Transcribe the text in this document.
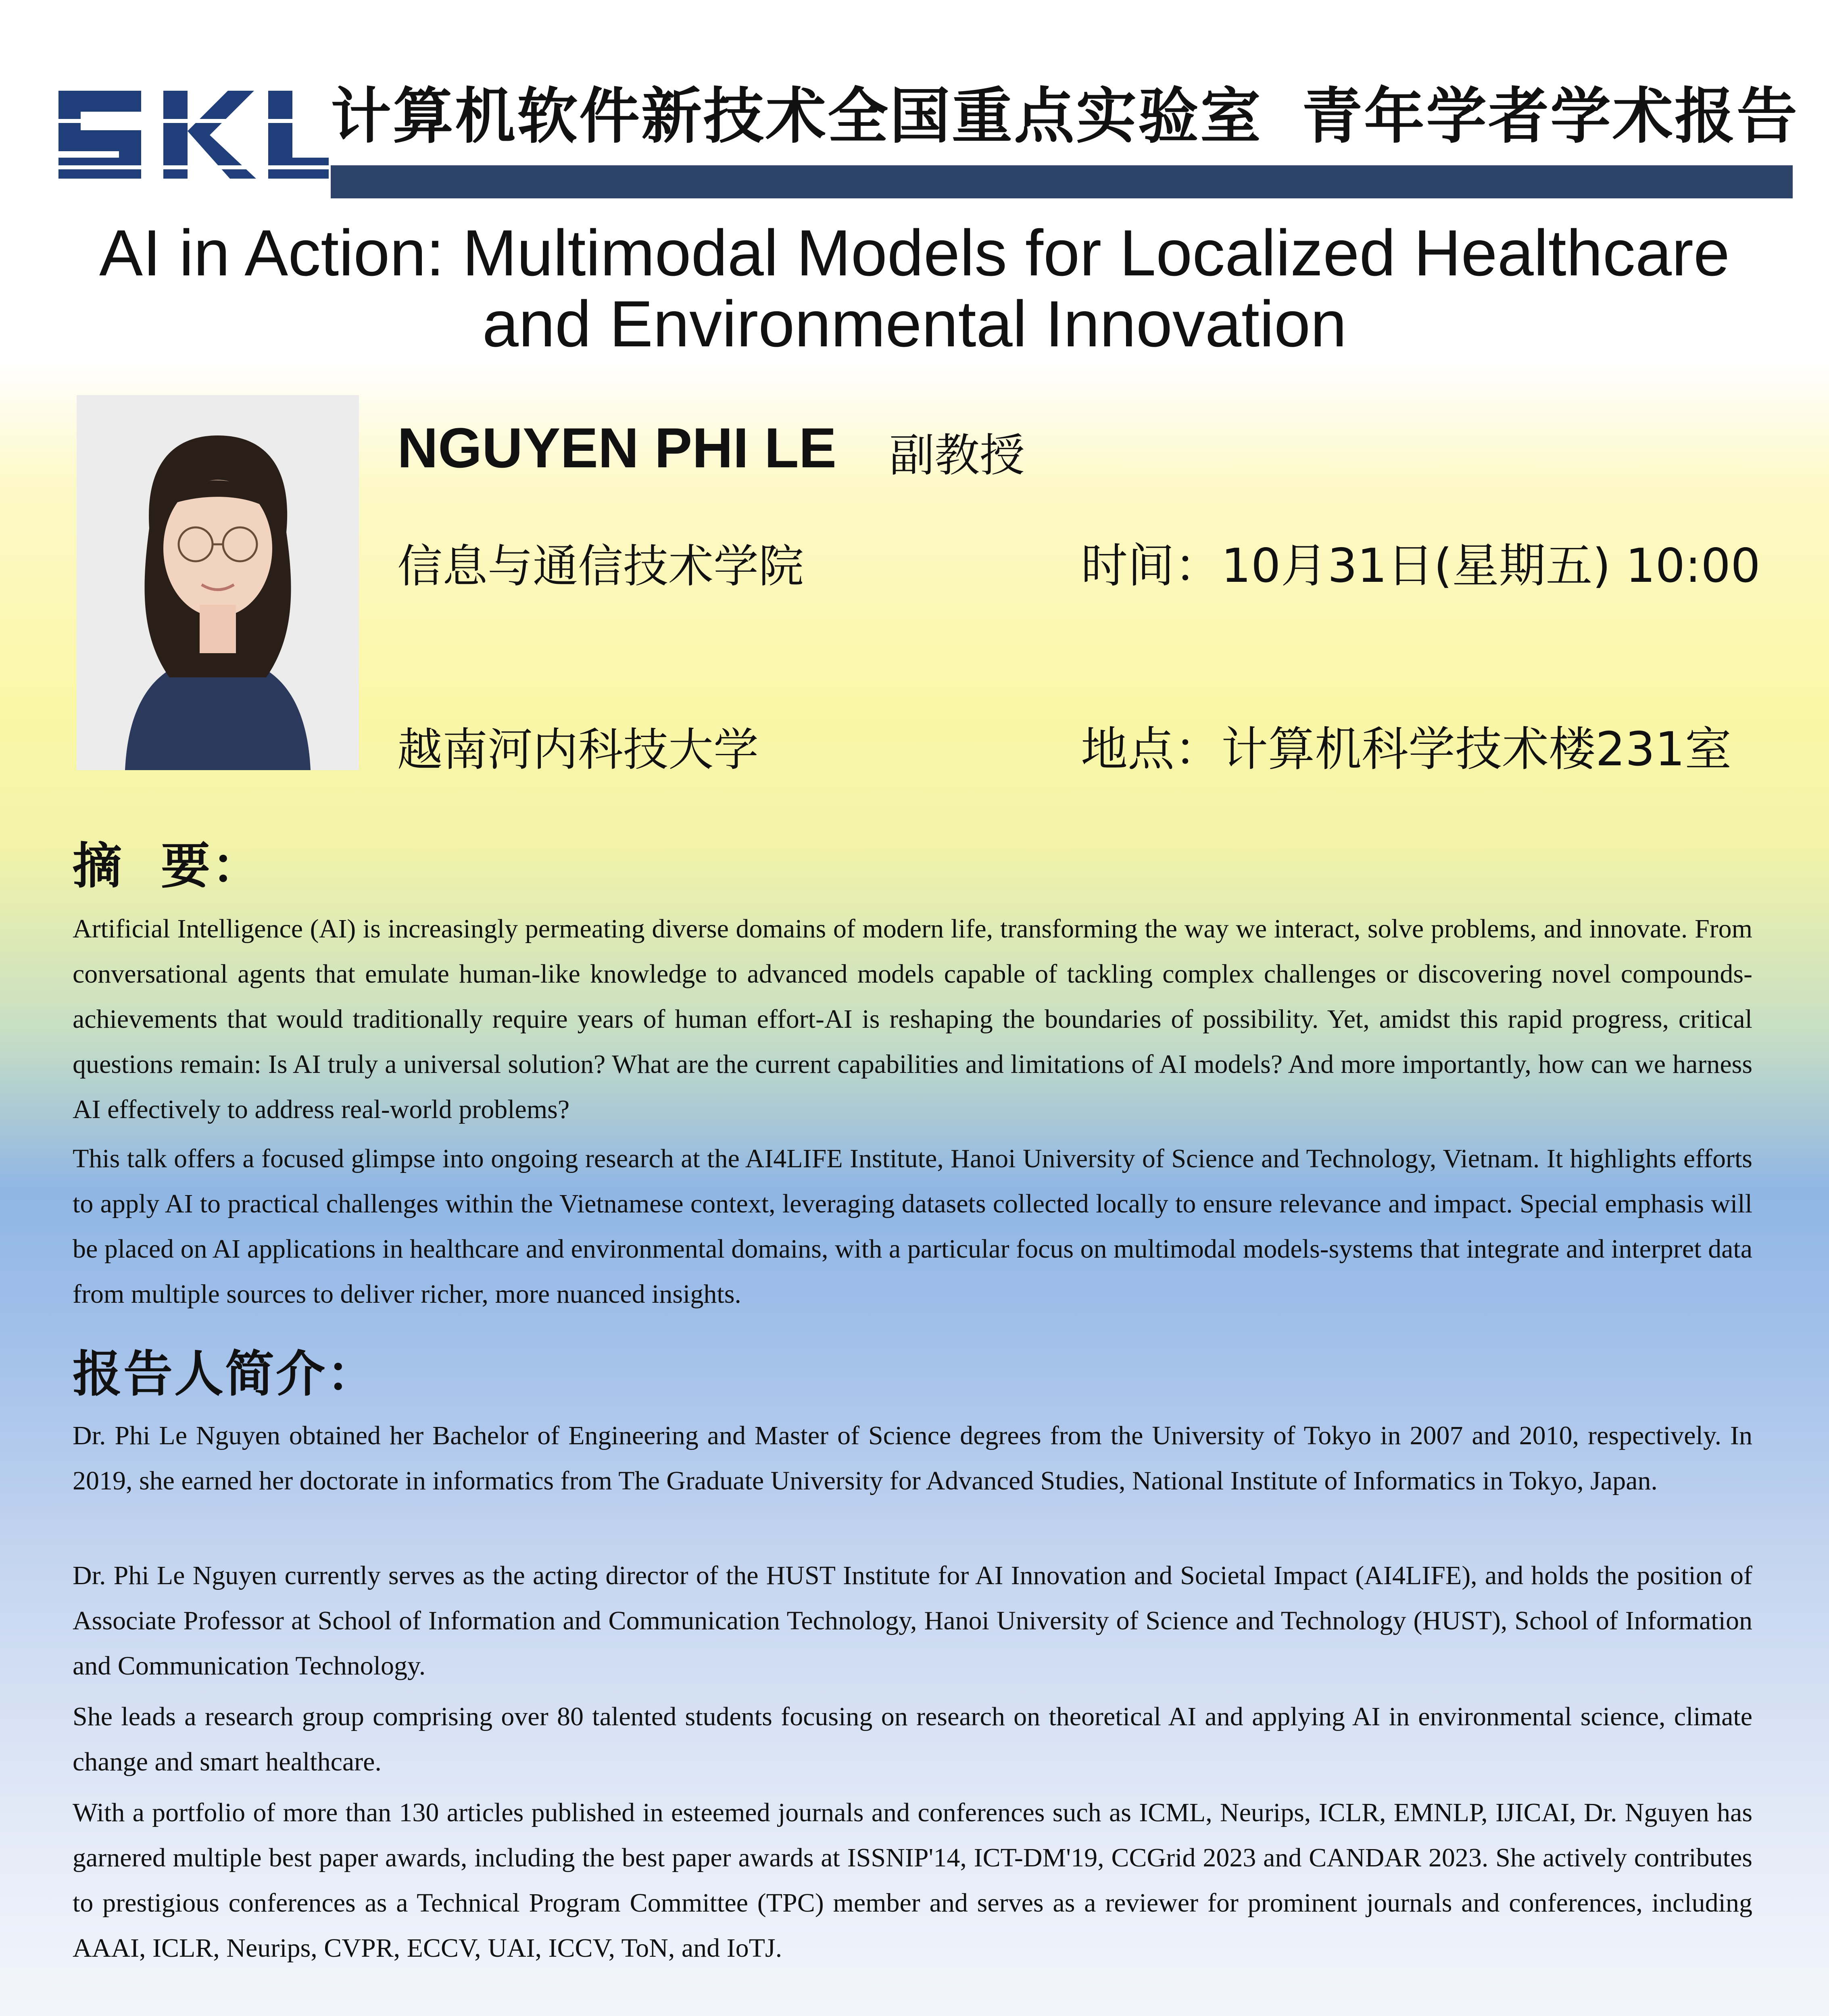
SKL
计算机软件新技术全国重点实验室 青年学者学术报告
AI in Action: Multimodal Models for Localized Healthcare
and Environmental Innovation
NGUYEN PHI LE 副教授
信息与通信技术学院
越南河内科技大学
时间：10月31日(星期五) 10:00
地点：计算机科学技术楼231室
摘  要：
Artificial Intelligence (AI) is increasingly permeating diverse domains of modern life, transforming the way we interact, solve problems, and innovate. From conversational agents that emulate human-like knowledge to advanced models capable of tackling complex challenges or discovering novel compounds-achievements that would traditionally require years of human effort-AI is reshaping the boundaries of possibility. Yet, amidst this rapid progress, critical questions remain: Is AI truly a universal solution? What are the current capabilities and limitations of AI models? And more importantly, how can we harness AI effectively to address real-world problems?
This talk offers a focused glimpse into ongoing research at the AI4LIFE Institute, Hanoi University of Science and Technology, Vietnam. It highlights efforts to apply AI to practical challenges within the Vietnamese context, leveraging datasets collected locally to ensure relevance and impact. Special emphasis will be placed on AI applications in healthcare and environmental domains, with a particular focus on multimodal models-systems that integrate and interpret data from multiple sources to deliver richer, more nuanced insights.
报告人简介：
Dr. Phi Le Nguyen obtained her Bachelor of Engineering and Master of Science degrees from the University of Tokyo in 2007 and 2010, respectively. In 2019, she earned her doctorate in informatics from The Graduate University for Advanced Studies, National Institute of Informatics in Tokyo, Japan.
Dr. Phi Le Nguyen currently serves as the acting director of the HUST Institute for AI Innovation and Societal Impact (AI4LIFE), and holds the position of Associate Professor at School of Information and Communication Technology, Hanoi University of Science and Technology (HUST), School of Information and Communication Technology.
She leads a research group comprising over 80 talented students focusing on research on theoretical AI and applying AI in environmental science, climate change and smart healthcare.
With a portfolio of more than 130 articles published in esteemed journals and conferences such as ICML, Neurips, ICLR, EMNLP, IJICAI, Dr. Nguyen has garnered multiple best paper awards, including the best paper awards at ISSNIP'14, ICT-DM'19, CCGrid 2023 and CANDAR 2023. She actively contributes to prestigious conferences as a Technical Program Committee (TPC) member and serves as a reviewer for prominent journals and conferences, including AAAI, ICLR, Neurips, CVPR, ECCV, UAI, ICCV, ToN, and IoTJ.
